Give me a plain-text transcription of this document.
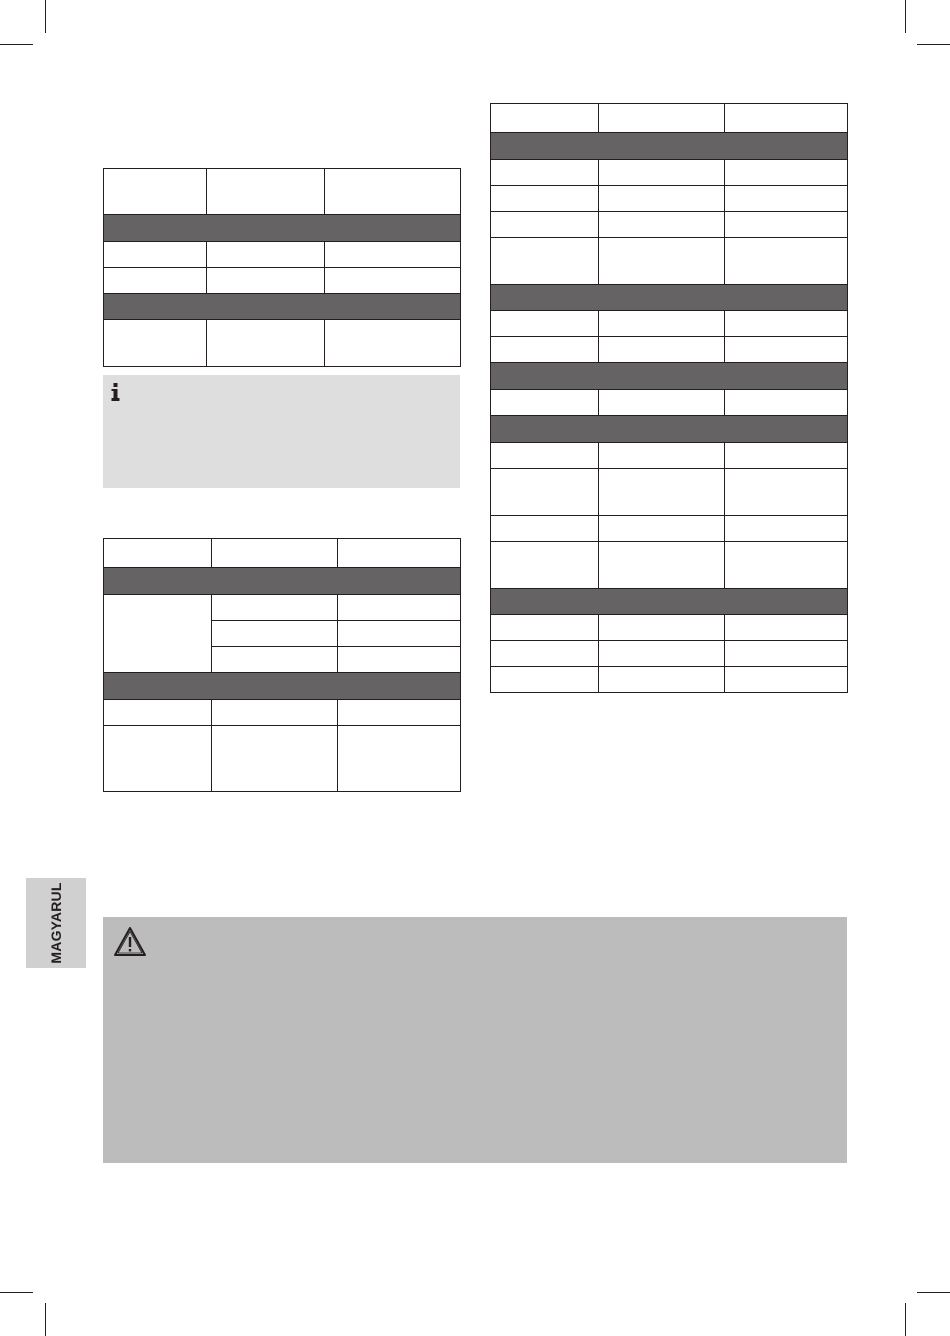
MAGYARUL
